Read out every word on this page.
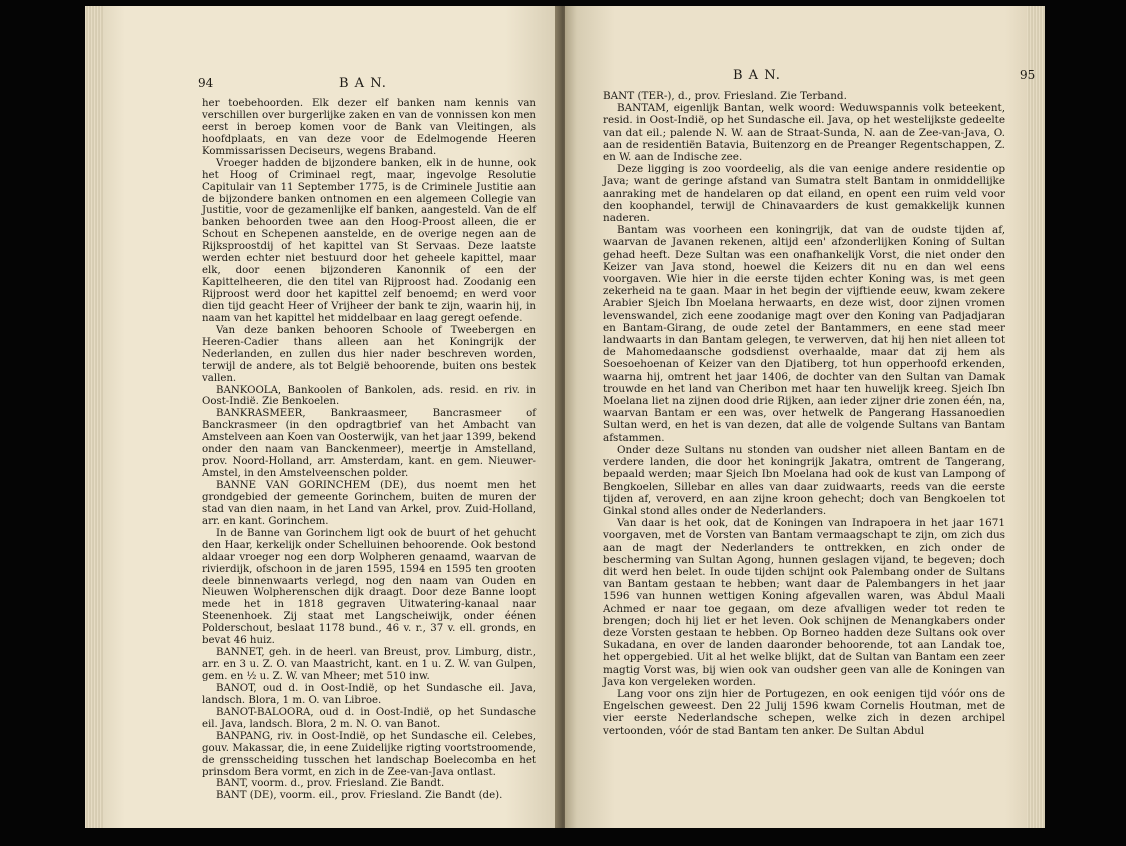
94	B A N.

her toebehoorden. Elk dezer elf banken nam kennis van verschillen over burgerlijke zaken en van de vonnissen kon men eerst in beroep komen voor de Bank van Vleitingen, als hoofdplaats, en van deze voor de Edelmogende Heeren Kommissarissen Deciseurs, wegens Braband.

Vroeger hadden de bijzondere banken, elk in de hunne, ook het Hoog of Criminael regt, maar, ingevolge Resolutie Capitulair van 11 September 1775, is de Criminele Justitie aan de bijzondere banken ontnomen en een algemeen Collegie van Justitie, voor de gezamenlijke elf banken, aangesteld. Van de elf banken behoorden twee aan den Hoog-Proost alleen, die er Schout en Schepenen aanstelde, en de overige negen aan de Rijksproostdij of het kapittel van St Servaas. Deze laatste werden echter niet bestuurd door het geheele kapittel, maar elk, door eenen bijzonderen Kanonnik of een der Kapittelheeren, die den titel van Rijproost had. Zoodanig een Rijproost werd door het kapittel zelf benoemd; en werd voor dien tijd geacht Heer of Vrijheer der bank te zijn, waarin hij, in naam van het kapittel het middelbaar en laag geregt oefende.

Van deze banken behooren Schoole of Tweebergen en Heeren-Cadier thans alleen aan het Koningrijk der Nederlanden, en zullen dus hier nader beschreven worden, terwijl de andere, als tot België behoorende, buiten ons bestek vallen.

BANKOOLA, Bankoolen of Bankolen, ads. resid. en riv. in Oost-Indië. Zie Benkoelen.

BANKRASMEER, Bankraasmeer, Bancrasmeer of Banckrasmeer (in den opdragtbrief van het Ambacht van Amstelveen aan Koen van Oosterwijk, van het jaar 1399, bekend onder den naam van Banckenmeer), meertje in Amstelland, prov. Noord-Holland, arr. Amsterdam, kant. en gem. Nieuwer-Amstel, in den Amstelveenschen polder.

BANNE VAN GORINCHEM (DE), dus noemt men het grondgebied der gemeente Gorinchem, buiten de muren der stad van dien naam, in het Land van Arkel, prov. Zuid-Holland, arr. en kant. Gorinchem.

In de Banne van Gorinchem ligt ook de buurt of het gehucht den Haar, kerkelijk onder Schelluinen behoorende. Ook bestond aldaar vroeger nog een dorp Wolpheren genaamd, waarvan de rivierdijk, ofschoon in de jaren 1595, 1594 en 1595 ten grooten deele binnenwaarts verlegd, nog den naam van Ouden en Nieuwen Wolpherenschen dijk draagt. Door deze Banne loopt mede het in 1818 gegraven Uitwatering-kanaal naar Steenenhoek. Zij staat met Langscheiwijk, onder éénen Polderschout, beslaat 1178 bund., 46 v. r., 37 v. ell. gronds, en bevat 46 huiz.

BANNET, geh. in de heerl. van Breust, prov. Limburg, distr., arr. en 3 u. Z. O. van Maastricht, kant. en 1 u. Z. W. van Gulpen, gem. en ½ u. Z. W. van Mheer; met 510 inw.

BANOT, oud d. in Oost-Indië, op het Sundasche eil. Java, landsch. Blora, 1 m. O. van Libroe.

BANOT-BALOORA, oud d. in Oost-Indië, op het Sundasche eil. Java, landsch. Blora, 2 m. N. O. van Banot.

BANPANG, riv. in Oost-Indië, op het Sundasche eil. Celebes, gouv. Makassar, die, in eene Zuidelijke rigting voortstroomende, de grensscheiding tusschen het landschap Boelecomba en het prinsdom Bera vormt, en zich in de Zee-van-Java ontlast.

BANT, voorm. d., prov. Friesland. Zie Bandt.

BANT (DE), voorm. eil., prov. Friesland. Zie Bandt (de).

B A N.	95

BANT (TER-), d., prov. Friesland. Zie Terband.

BANTAM, eigenlijk Bantan, welk woord: Weduwspannis volk beteekent, resid. in Oost-Indië, op het Sundasche eil. Java, op het westelijkste gedeelte van dat eil.; palende N. W. aan de Straat-Sunda, N. aan de Zee-van-Java, O. aan de residentiën Batavia, Buitenzorg en de Preanger Regentschappen, Z. en W. aan de Indische zee.

Deze ligging is zoo voordeelig, als die van eenige andere residentie op Java; want de geringe afstand van Sumatra stelt Bantam in onmiddellijke aanraking met de handelaren op dat eiland, en opent een ruim veld voor den koophandel, terwijl de Chinavaarders de kust gemakkelijk kunnen naderen.

Bantam was voorheen een koningrijk, dat van de oudste tijden af, waarvan de Javanen rekenen, altijd een' afzonderlijken Koning of Sultan gehad heeft. Deze Sultan was een onafhankelijk Vorst, die niet onder den Keizer van Java stond, hoewel die Keizers dit nu en dan wel eens voorgaven. Wie hier in die eerste tijden echter Koning was, is met geen zekerheid na te gaan. Maar in het begin der vijftiende eeuw, kwam zekere Arabier Sjeich Ibn Moelana herwaarts, en deze wist, door zijnen vromen levenswandel, zich eene zoodanige magt over den Koning van Padjadjaran en Bantam-Girang, de oude zetel der Bantammers, en eene stad meer landwaarts in dan Bantam gelegen, te verwerven, dat hij hen niet alleen tot de Mahomedaansche godsdienst overhaalde, maar dat zij hem als Soesoehoenan of Keizer van den Djatiberg, tot hun opperhoofd erkenden, waarna hij, omtrent het jaar 1406, de dochter van den Sultan van Damak trouwde en het land van Cheribon met haar ten huwelijk kreeg. Sjeich Ibn Moelana liet na zijnen dood drie Rijken, aan ieder zijner drie zonen één, na, waarvan Bantam er een was, over hetwelk de Pangerang Hassanoedien Sultan werd, en het is van dezen, dat alle de volgende Sultans van Bantam afstammen.

Onder deze Sultans nu stonden van oudsher niet alleen Bantam en de verdere landen, die door het koningrijk Jakatra, omtrent de Tangerang, bepaald werden; maar Sjeich Ibn Moelana had ook de kust van Lampong of Bengkoelen, Sillebar en alles van daar zuidwaarts, reeds van die eerste tijden af, veroverd, en aan zijne kroon gehecht; doch van Bengkoelen tot Ginkal stond alles onder de Nederlanders.

Van daar is het ook, dat de Koningen van Indrapoera in het jaar 1671 voorgaven, met de Vorsten van Bantam vermaagschapt te zijn, om zich dus aan de magt der Nederlanders te onttrekken, en zich onder de bescherming van Sultan Agong, hunnen geslagen vijand, te begeven; doch dit werd hen belet. In oude tijden schijnt ook Palembang onder de Sultans van Bantam gestaan te hebben; want daar de Palembangers in het jaar 1596 van hunnen wettigen Koning afgevallen waren, was Abdul Maali Achmed er naar toe gegaan, om deze afvalligen weder tot reden te brengen; doch hij liet er het leven. Ook schijnen de Menangkabers onder deze Vorsten gestaan te hebben. Op Borneo hadden deze Sultans ook over Sukadana, en over de landen daaronder behoorende, tot aan Landak toe, het oppergebied. Uit al het welke blijkt, dat de Sultan van Bantam een zeer magtig Vorst was, bij wien ook van oudsher geen van alle de Koningen van Java kon vergeleken worden.

Lang voor ons zijn hier de Portugezen, en ook eenigen tijd vóór ons de Engelschen geweest. Den 22 Julij 1596 kwam Cornelis Houtman, met de vier eerste Nederlandsche schepen, welke zich in dezen archipel vertoonden, vóór de stad Bantam ten anker. De Sultan Abdul
